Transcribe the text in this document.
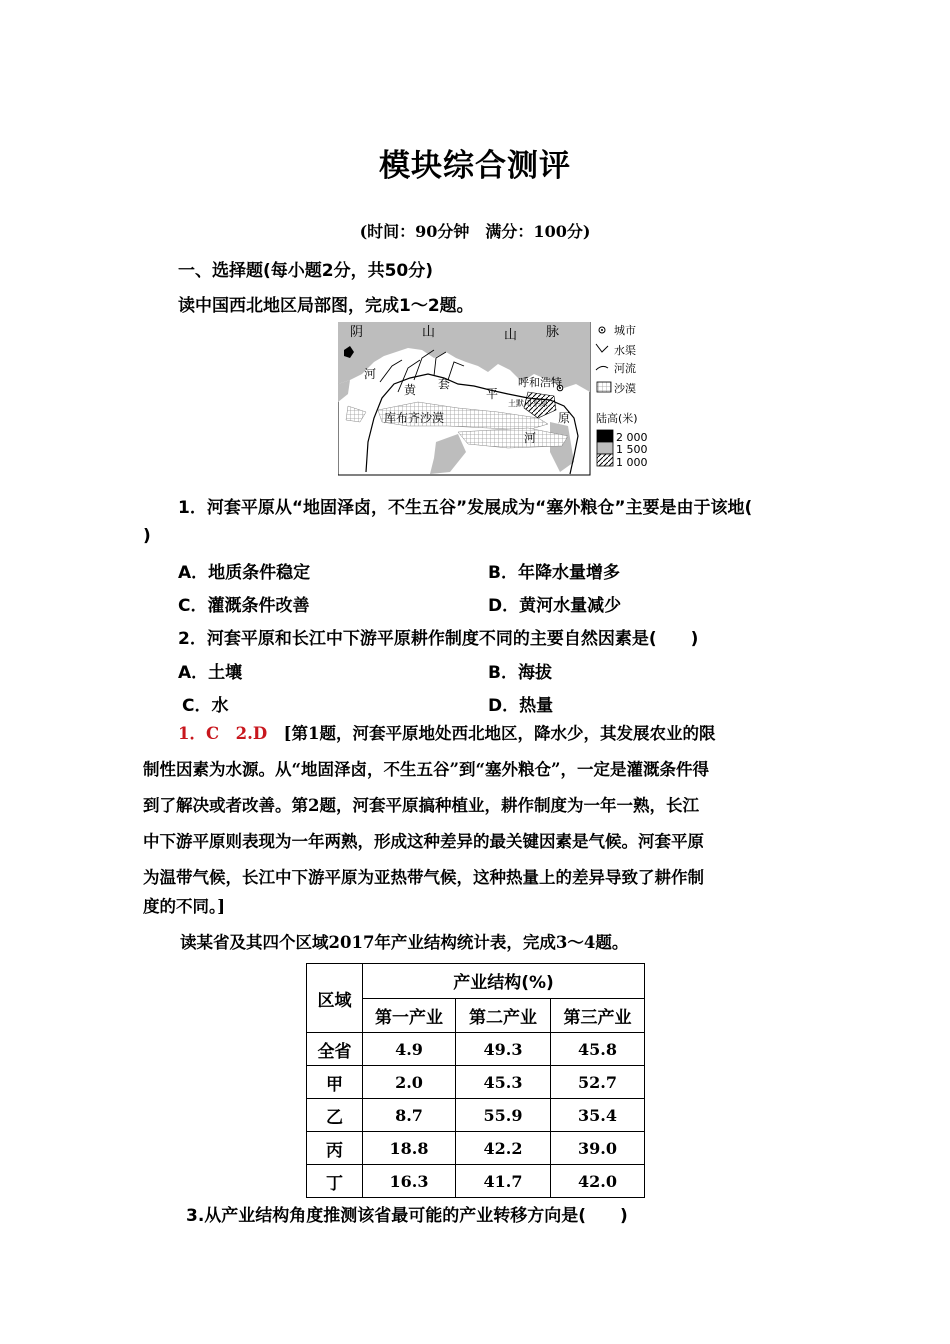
模块综合测评
(时间：90分钟　满分：100分)
一、选择题(每小题2分，共50分)
读中国西北地区局部图，完成1～2题。
阴	山	山 脉
河
黄 套
平
呼和浩特
土默川平原
库布齐沙漠	原
河
城市
水渠
河流
沙漠
陆高(米)
2 000
1 500
1 000
1．河套平原从“地固泽卤，不生五谷”发展成为“塞外粮仓”主要是由于该地(
)
A．地质条件稳定	B．年降水量增多
C．灌溉条件改善	D．黄河水量减少
2．河套平原和长江中下游平原耕作制度不同的主要自然因素是(　　)
A．土壤	B．海拔
C．水	D．热量
1．C　2.D　 [第1题，河套平原地处西北地区，降水少，其发展农业的限
制性因素为水源。从“地固泽卤，不生五谷”到“塞外粮仓”，一定是灌溉条件得
到了解决或者改善。第2题，河套平原搞种植业，耕作制度为一年一熟，长江
中下游平原则表现为一年两熟，形成这种差异的最关键因素是气候。河套平原
为温带气候，长江中下游平原为亚热带气候，这种热量上的差异导致了耕作制
度的不同。]
读某省及其四个区域2017年产业结构统计表，完成3～4题。
区域	产业结构(%)		
	第一产业	第二产业	第三产业
全省	4.9	49.3	45.8
甲	2.0	45.3	52.7
乙	8.7	55.9	35.4
丙	18.8	42.2	39.0
丁	16.3	41.7	42.0
3.从产业结构角度推测该省最可能的产业转移方向是(　　)
